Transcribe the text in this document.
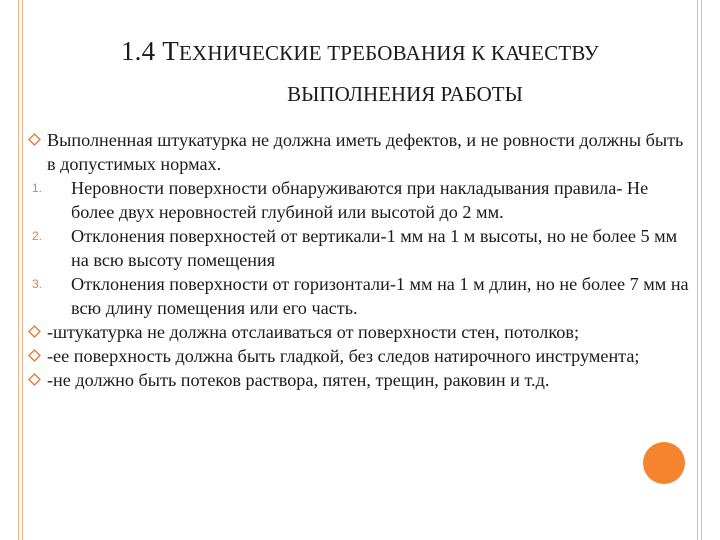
1.4 ТЕХНИЧЕСКИЕ ТРЕБОВАНИЯ К КАЧЕСТВУ
ВЫПОЛНЕНИЯ РАБОТЫ
Выполненная штукатурка не должна иметь дефектов, и не ровности должны быть в допустимых нормах.
1. Неровности поверхности обнаруживаются при накладывания правила- Не более двух неровностей глубиной или высотой до 2 мм.
2. Отклонения поверхностей от вертикали-1 мм на 1 м высоты, но не более 5 мм на всю высоту помещения
3. Отклонения поверхности от горизонтали-1 мм на 1 м длин, но не более 7 мм на всю длину помещения или его часть.
-штукатурка не должна отслаиваться от поверхности стен, потолков;
-ее поверхность должна быть гладкой, без следов натирочного инструмента;
-не должно быть потеков раствора, пятен, трещин, раковин и т.д.
